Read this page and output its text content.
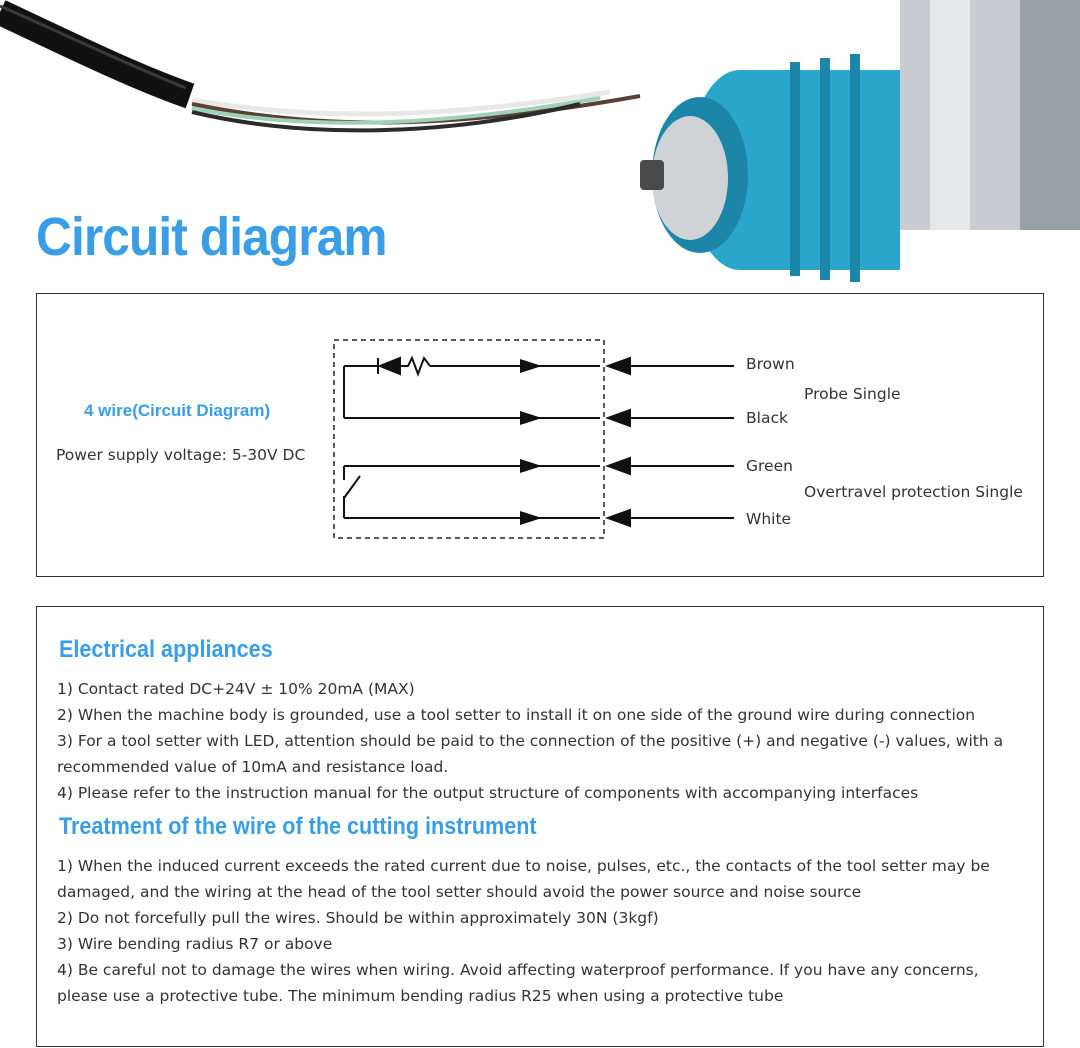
Circuit diagram
4 wire(Circuit Diagram)
Power supply voltage: 5-30V DC
Brown
Black
Green
White
Probe Single
Overtravel protection Single
Electrical appliances
1) Contact rated DC+24V ± 10% 20mA (MAX)
2) When the machine body is grounded, use a tool setter to install it on one side of the ground wire during connection
3) For a tool setter with LED, attention should be paid to the connection of the positive (+) and negative (-) values, with a recommended value of 10mA and resistance load.
4) Please refer to the instruction manual for the output structure of components with accompanying interfaces
Treatment of the wire of the cutting instrument
1) When the induced current exceeds the rated current due to noise, pulses, etc., the contacts of the tool setter may be damaged, and the wiring at the head of the tool setter should avoid the power source and noise source
2) Do not forcefully pull the wires. Should be within approximately 30N (3kgf)
3) Wire bending radius R7 or above
4) Be careful not to damage the wires when wiring. Avoid affecting waterproof performance. If you have any concerns, please use a protective tube. The minimum bending radius R25 when using a protective tube
